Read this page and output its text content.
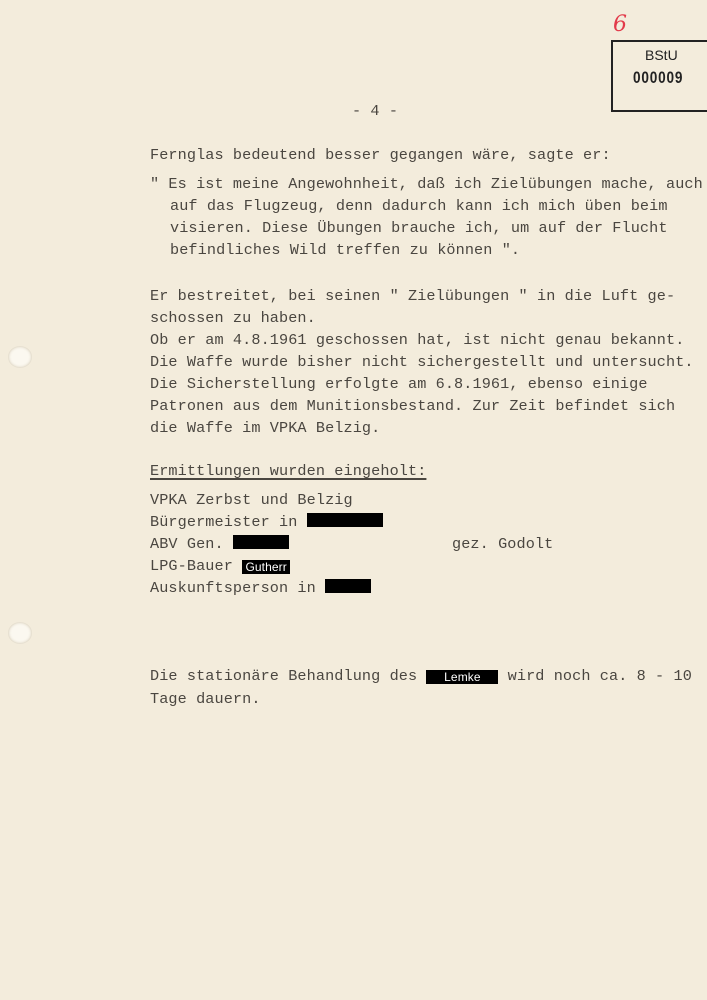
6
BStU
000009
- 4 -
Fernglas bedeutend besser gegangen wäre, sagte er:
" Es ist meine Angewohnheit, daß ich Zielübungen mache, auch
auf das Flugzeug, denn dadurch kann ich mich üben beim
visieren. Diese Übungen brauche ich, um auf der Flucht
befindliches Wild treffen zu können ".
Er bestreitet, bei seinen " Zielübungen " in die Luft ge-
schossen zu haben.
Ob er am 4.8.1961 geschossen hat, ist nicht genau bekannt.
Die Waffe wurde bisher nicht sichergestellt und untersucht.
Die Sicherstellung erfolgte am 6.8.1961, ebenso einige
Patronen aus dem Munitionsbestand. Zur Zeit befindet sich
die Waffe im VPKA Belzig.
Ermittlungen wurden eingeholt:
VPKA Zerbst und Belzig
Bürgermeister in
ABV Gen.	gez. Godolt
LPG-Bauer Gutherr
Auskunftsperson in
Die stationäre Behandlung des Lemke wird noch ca. 8 - 10
Tage dauern.
